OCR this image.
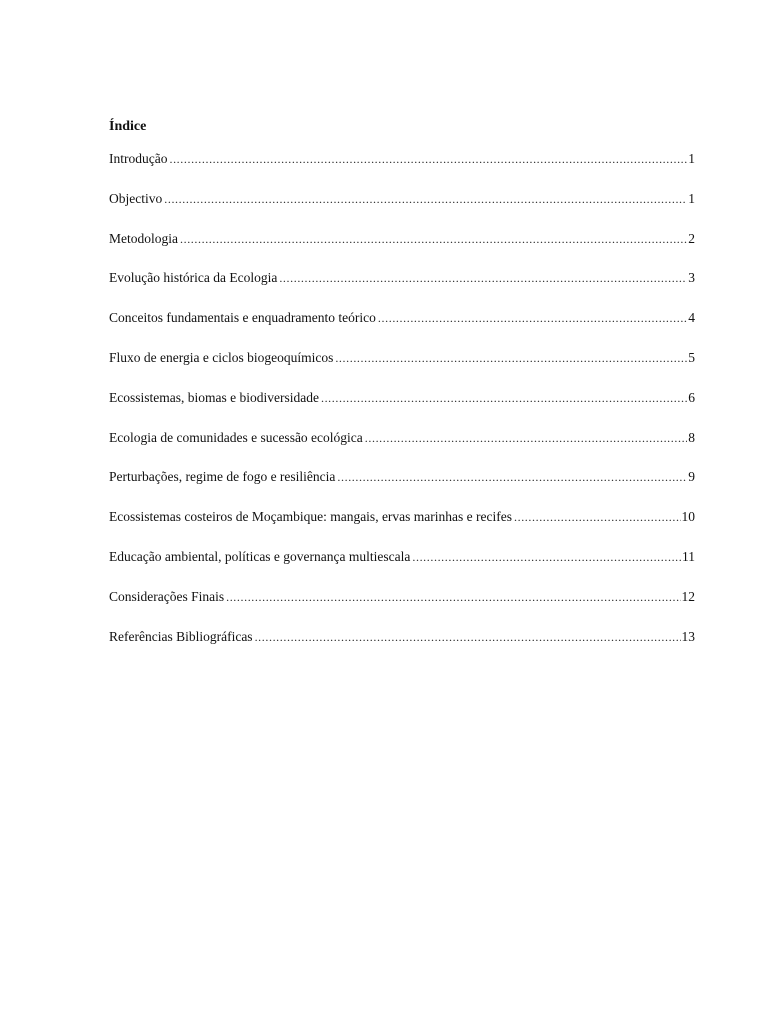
Índice
Introdução .....	1
Objectivo .....	1
Metodologia .....	2
Evolução histórica da Ecologia .....	3
Conceitos fundamentais e enquadramento teórico .....	4
Fluxo de energia e ciclos biogeoquímicos .....	5
Ecossistemas, biomas e biodiversidade .....	6
Ecologia de comunidades e sucessão ecológica .....	8
Perturbações, regime de fogo e resiliência .....	9
Ecossistemas costeiros de Moçambique: mangais, ervas marinhas e recifes .....	10
Educação ambiental, políticas e governança multiescala .....	11
Considerações Finais .....	12
Referências Bibliográficas .....	13
